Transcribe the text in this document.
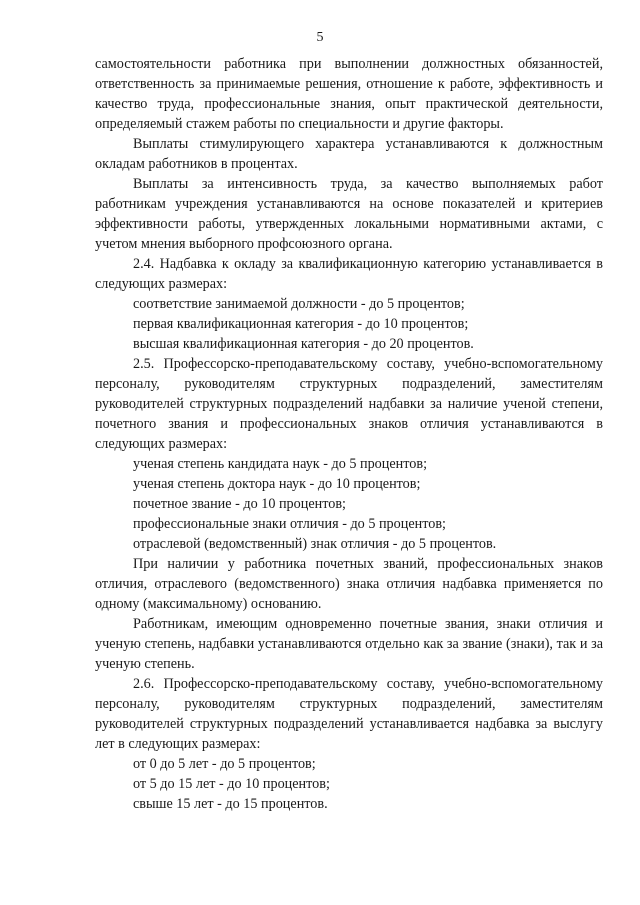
5

самостоятельности работника при выполнении должностных обязанностей, ответственность за принимаемые решения, отношение к работе, эффективность и качество труда, профессиональные знания, опыт практической деятельности, определяемый стажем работы по специальности и другие факторы.

Выплаты стимулирующего характера устанавливаются к должностным окладам работников в процентах.

Выплаты за интенсивность труда, за качество выполняемых работ работникам учреждения устанавливаются на основе показателей и критериев эффективности работы, утвержденных локальными нормативными актами, с учетом мнения выборного профсоюзного органа.

2.4. Надбавка к окладу за квалификационную категорию устанавливается в следующих размерах:

соответствие занимаемой должности - до 5 процентов;

первая квалификационная категория - до 10 процентов;

высшая квалификационная категория - до 20 процентов.

2.5. Профессорско-преподавательскому составу, учебно-вспомогательному персоналу, руководителям структурных подразделений, заместителям руководителей структурных подразделений надбавки за наличие ученой степени, почетного звания и профессиональных знаков отличия устанавливаются в следующих размерах:

ученая степень кандидата наук - до 5 процентов;

ученая степень доктора наук - до 10 процентов;

почетное звание - до 10 процентов;

профессиональные знаки отличия - до 5 процентов;

отраслевой (ведомственный) знак отличия - до 5 процентов.

При наличии у работника почетных званий, профессиональных знаков отличия, отраслевого (ведомственного) знака отличия надбавка применяется по одному (максимальному) основанию.

Работникам, имеющим одновременно почетные звания, знаки отличия и ученую степень, надбавки устанавливаются отдельно как за звание (знаки), так и за ученую степень.

2.6. Профессорско-преподавательскому составу, учебно-вспомогательному персоналу, руководителям структурных подразделений, заместителям руководителей структурных подразделений устанавливается надбавка за выслугу лет в следующих размерах:

от 0 до 5 лет - до 5 процентов;

от 5 до 15 лет - до 10 процентов;

свыше 15 лет - до 15 процентов.
